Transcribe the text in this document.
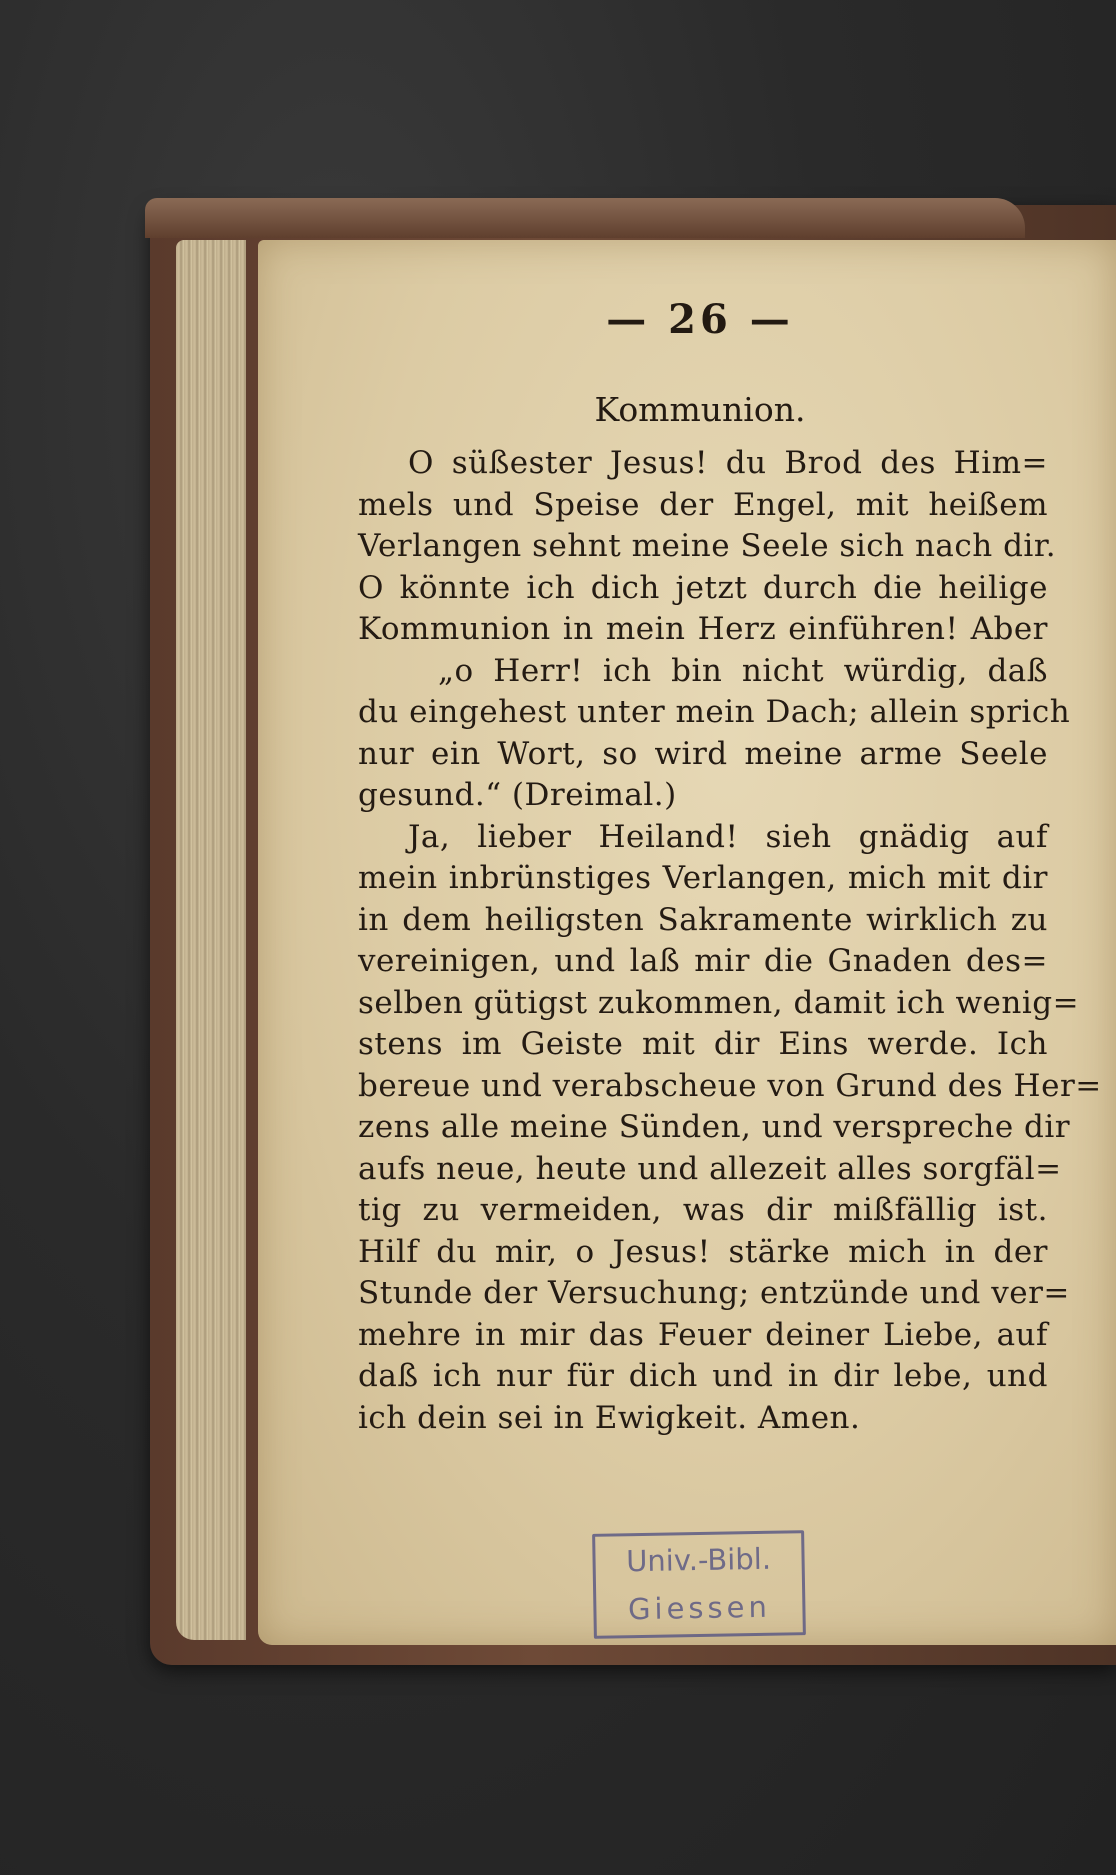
— 26 —
Kommunion.
O süßester Jesus! du Brod des Him=
mels und Speise der Engel, mit heißem
Verlangen sehnt meine Seele sich nach dir.
O könnte ich dich jetzt durch die heilige
Kommunion in mein Herz einführen! Aber
„o Herr! ich bin nicht würdig, daß
du eingehest unter mein Dach; allein sprich
nur ein Wort, so wird meine arme Seele
gesund.“ (Dreimal.)
Ja, lieber Heiland! sieh gnädig auf
mein inbrünstiges Verlangen, mich mit dir
in dem heiligsten Sakramente wirklich zu
vereinigen, und laß mir die Gnaden des=
selben gütigst zukommen, damit ich wenig=
stens im Geiste mit dir Eins werde. Ich
bereue und verabscheue von Grund des Her=
zens alle meine Sünden, und verspreche dir
aufs neue, heute und allezeit alles sorgfäl=
tig zu vermeiden, was dir mißfällig ist.
Hilf du mir, o Jesus! stärke mich in der
Stunde der Versuchung; entzünde und ver=
mehre in mir das Feuer deiner Liebe, auf
daß ich nur für dich und in dir lebe, und
ich dein sei in Ewigkeit. Amen.
Univ.-Bibl.
Giessen
